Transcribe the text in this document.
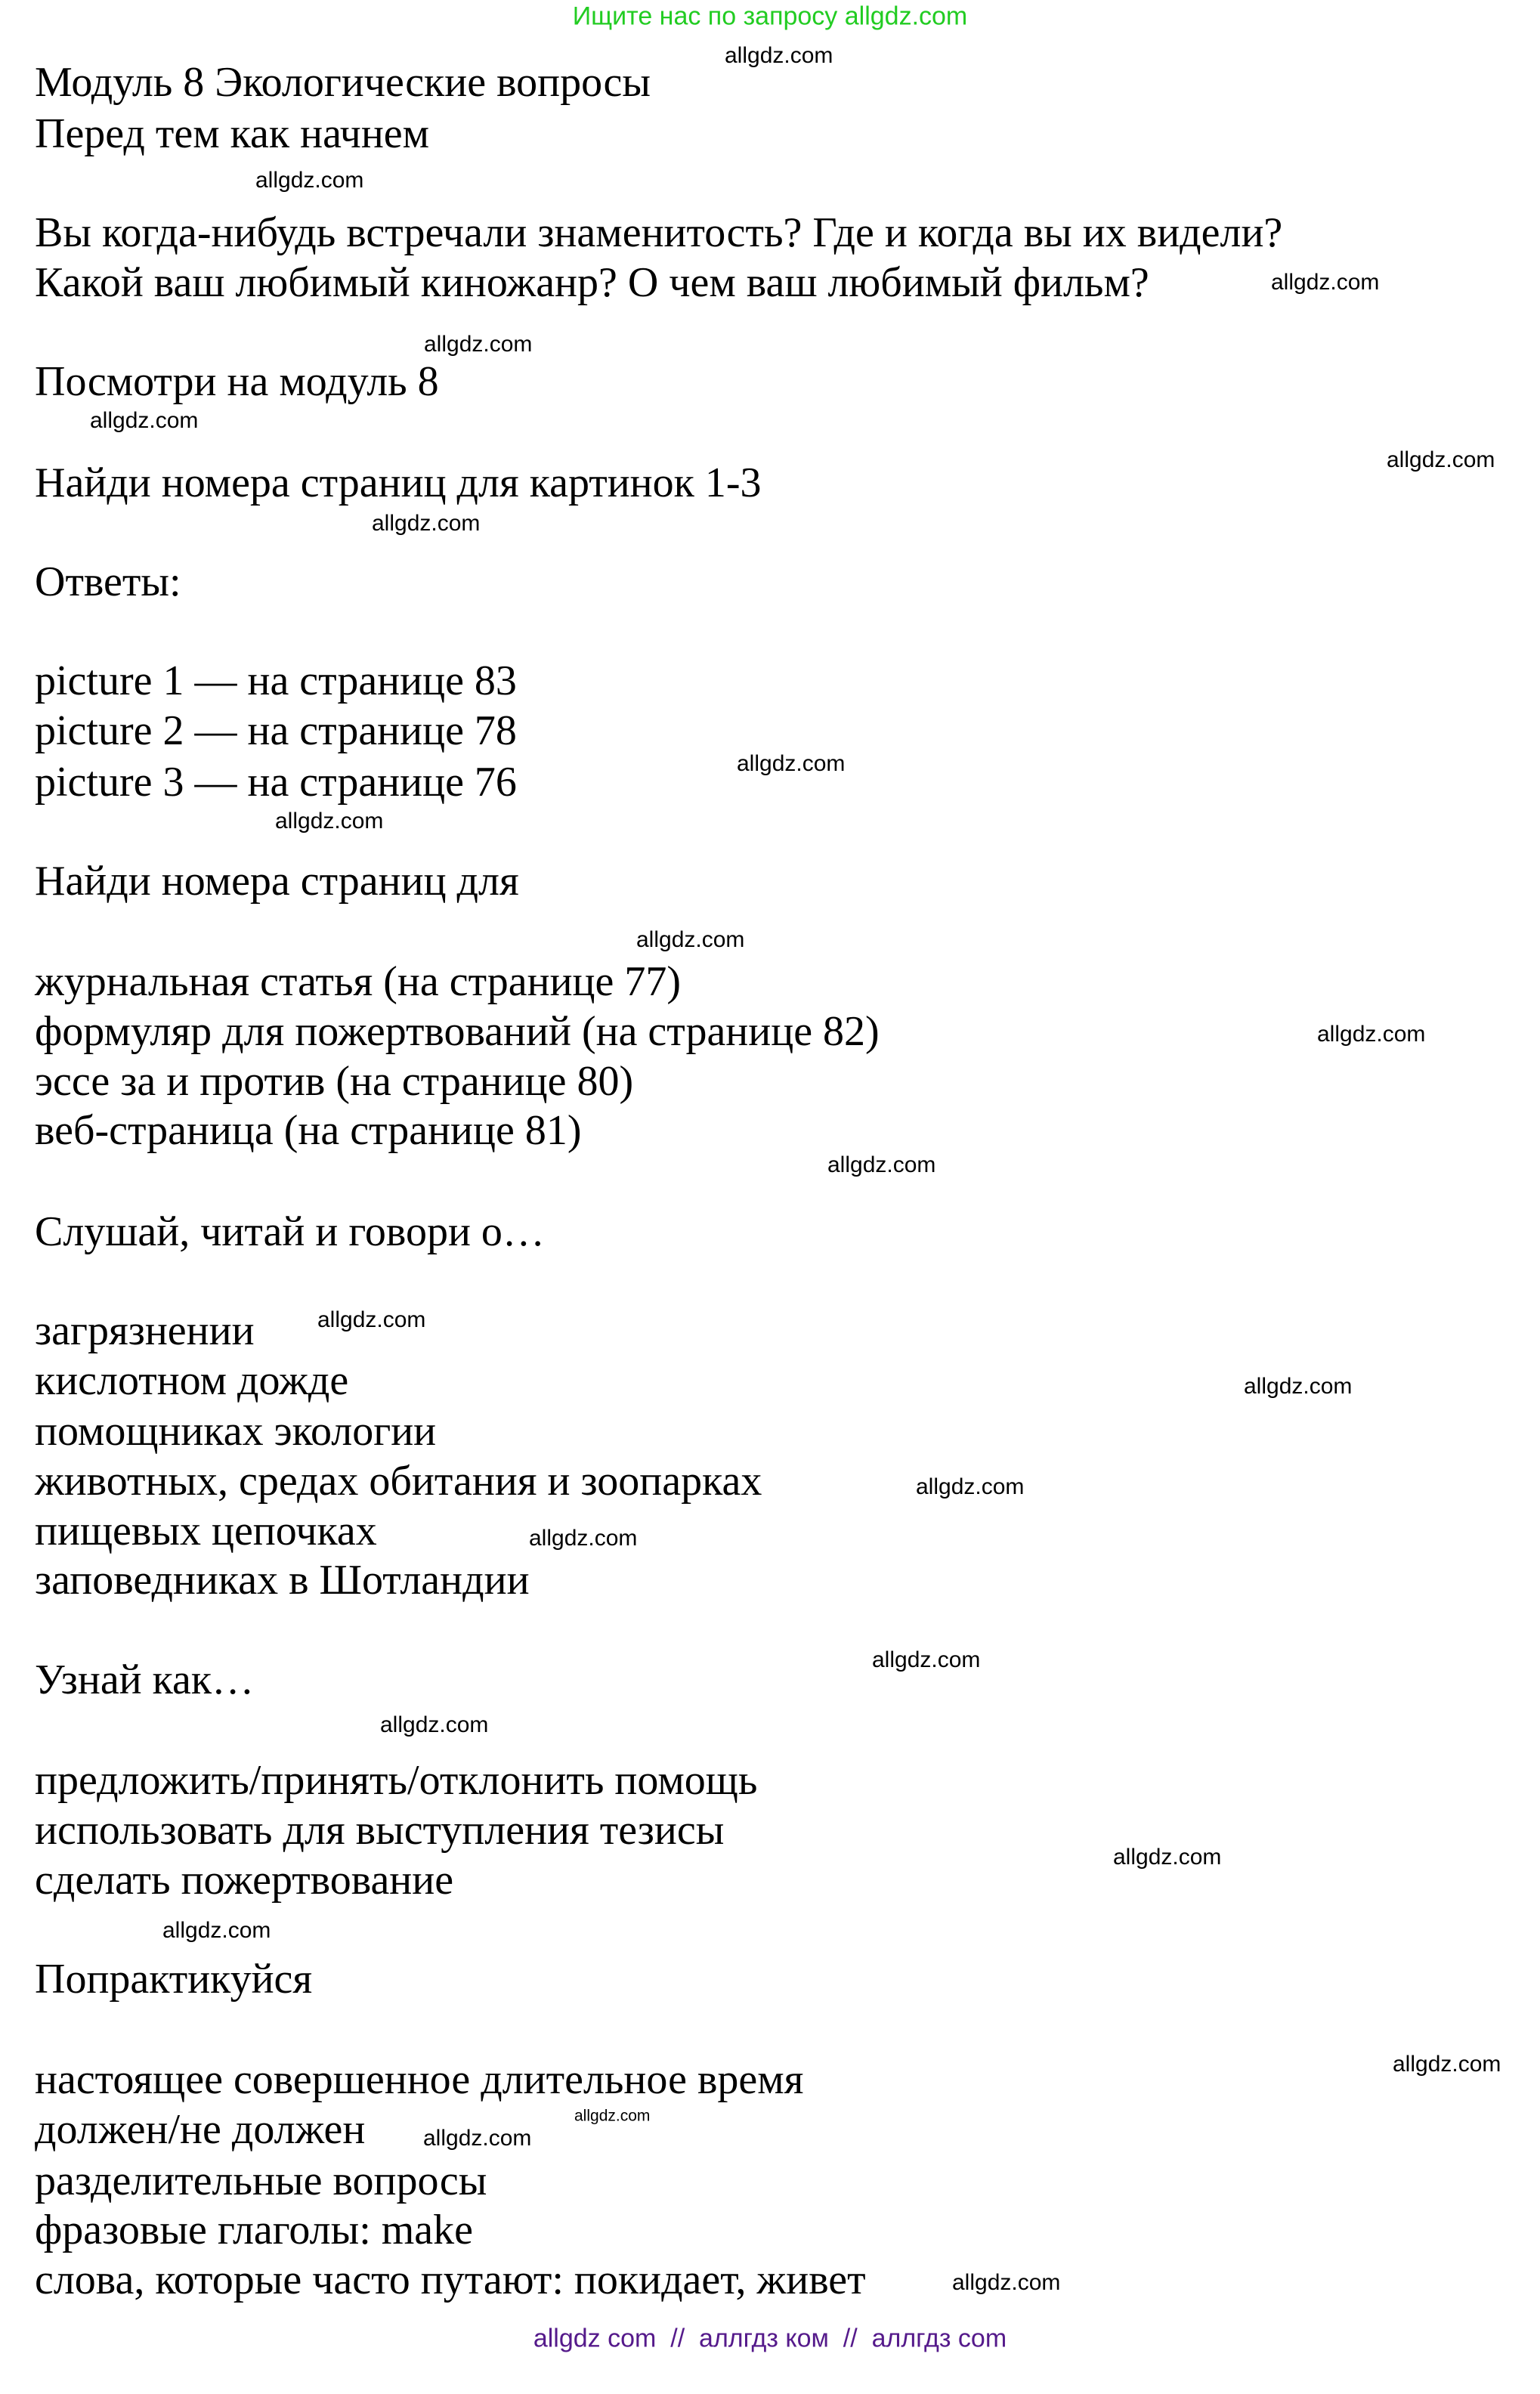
Ищите нас по запросу allgdz.com
Модуль 8 Экологические вопросы
Перед тем как начнем
Вы когда-нибудь встречали знаменитость? Где и когда вы их видели?
Какой ваш любимый киножанр? О чем ваш любимый фильм?
Посмотри на модуль 8
Найди номера страниц для картинок 1-3
Ответы:
picture 1 — на странице 83
picture 2 — на странице 78
picture 3 — на странице 76
Найди номера страниц для
журнальная статья (на странице 77)
формуляр для пожертвований (на странице 82)
эссе за и против (на странице 80)
веб-страница (на странице 81)
Слушай, читай и говори о…
загрязнении
кислотном дожде
помощниках экологии
животных, средах обитания и зоопарках
пищевых цепочках
заповедниках в Шотландии
Узнай как…
предложить/принять/отклонить помощь
использовать для выступления тезисы
сделать пожертвование
Попрактикуйся
настоящее совершенное длительное время
должен/не должен
разделительные вопросы
фразовые глаголы: make
слова, которые часто путают: покидает, живет
allgdz.com
allgdz.com
allgdz.com
allgdz.com
allgdz.com
allgdz.com
allgdz.com
allgdz.com
allgdz.com
allgdz.com
allgdz.com
allgdz.com
allgdz.com
allgdz.com
allgdz.com
allgdz.com
allgdz.com
allgdz.com
allgdz.com
allgdz.com
allgdz.com
allgdz.com
allgdz.com
allgdz.com
allgdz com  //  аллгдз ком  //  аллгдз com
